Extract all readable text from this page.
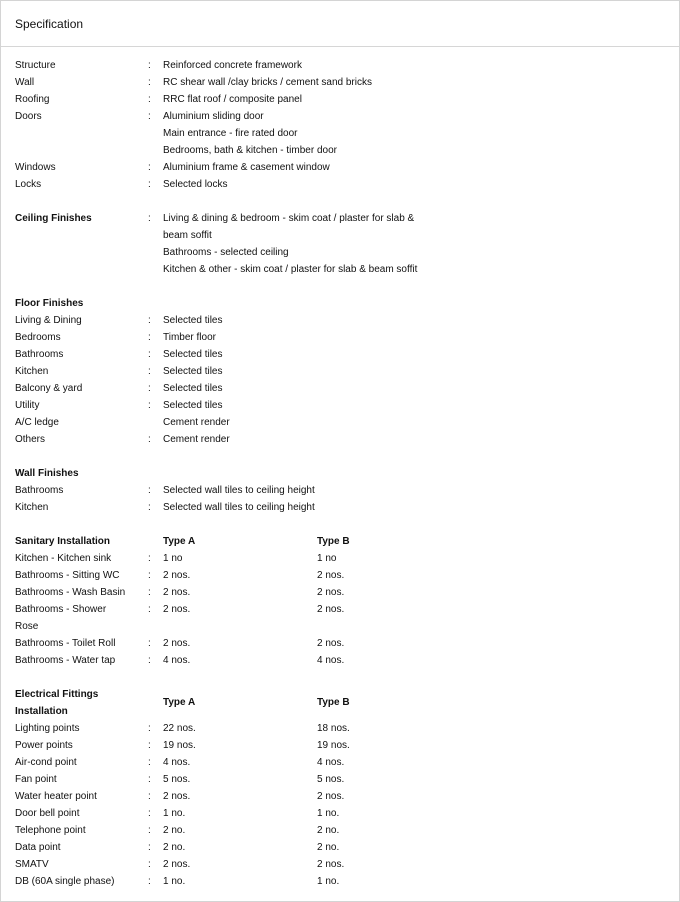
Specification
Structure	: Reinforced concrete framework
Wall	: RC shear wall /clay bricks / cement sand bricks
Roofing	: RRC flat roof / composite panel
Doors	: Aluminium sliding door
Main entrance - fire rated door
Bedrooms, bath & kitchen - timber door
Windows	: Aluminium frame & casement window
Locks	: Selected locks
Ceiling Finishes	: Living & dining & bedroom - skim coat / plaster for slab &
beam soffit
Bathrooms - selected ceiling
Kitchen & other - skim coat / plaster for slab & beam soffit
Floor Finishes
Living & Dining	: Selected tiles
Bedrooms	: Timber floor
Bathrooms	: Selected tiles
Kitchen	: Selected tiles
Balcony & yard	: Selected tiles
Utility	: Selected tiles
A/C ledge	Cement render
Others	: Cement render
Wall Finishes
Bathrooms	: Selected wall tiles to ceiling height
Kitchen	: Selected wall tiles to ceiling height
Sanitary Installation	Type A	Type B
Kitchen - Kitchen sink	: 1 no	1 no
Bathrooms - Sitting WC	: 2 nos.	2 nos.
Bathrooms - Wash Basin : 2 nos.	2 nos.
Bathrooms - Shower	: 2 nos.	2 nos.
Rose
Bathrooms - Toilet Roll	: 2 nos.	2 nos.
Bathrooms - Water tap	: 4 nos.	4 nos.
Electrical Fittings
Type A	Type B
Installation
Lighting points	: 22 nos.	18 nos.
Power points	: 19 nos.	19 nos.
Air-cond point	: 4 nos.	4 nos.
Fan point	: 5 nos.	5 nos.
Water heater point	: 2 nos.	2 nos.
Door bell point	: 1 no.	1 no.
Telephone point	: 2 no.	2 no.
Data point	: 2 no.	2 no.
SMATV	: 2 nos.	2 nos.
DB (60A single phase)	: 1 no.	1 no.
